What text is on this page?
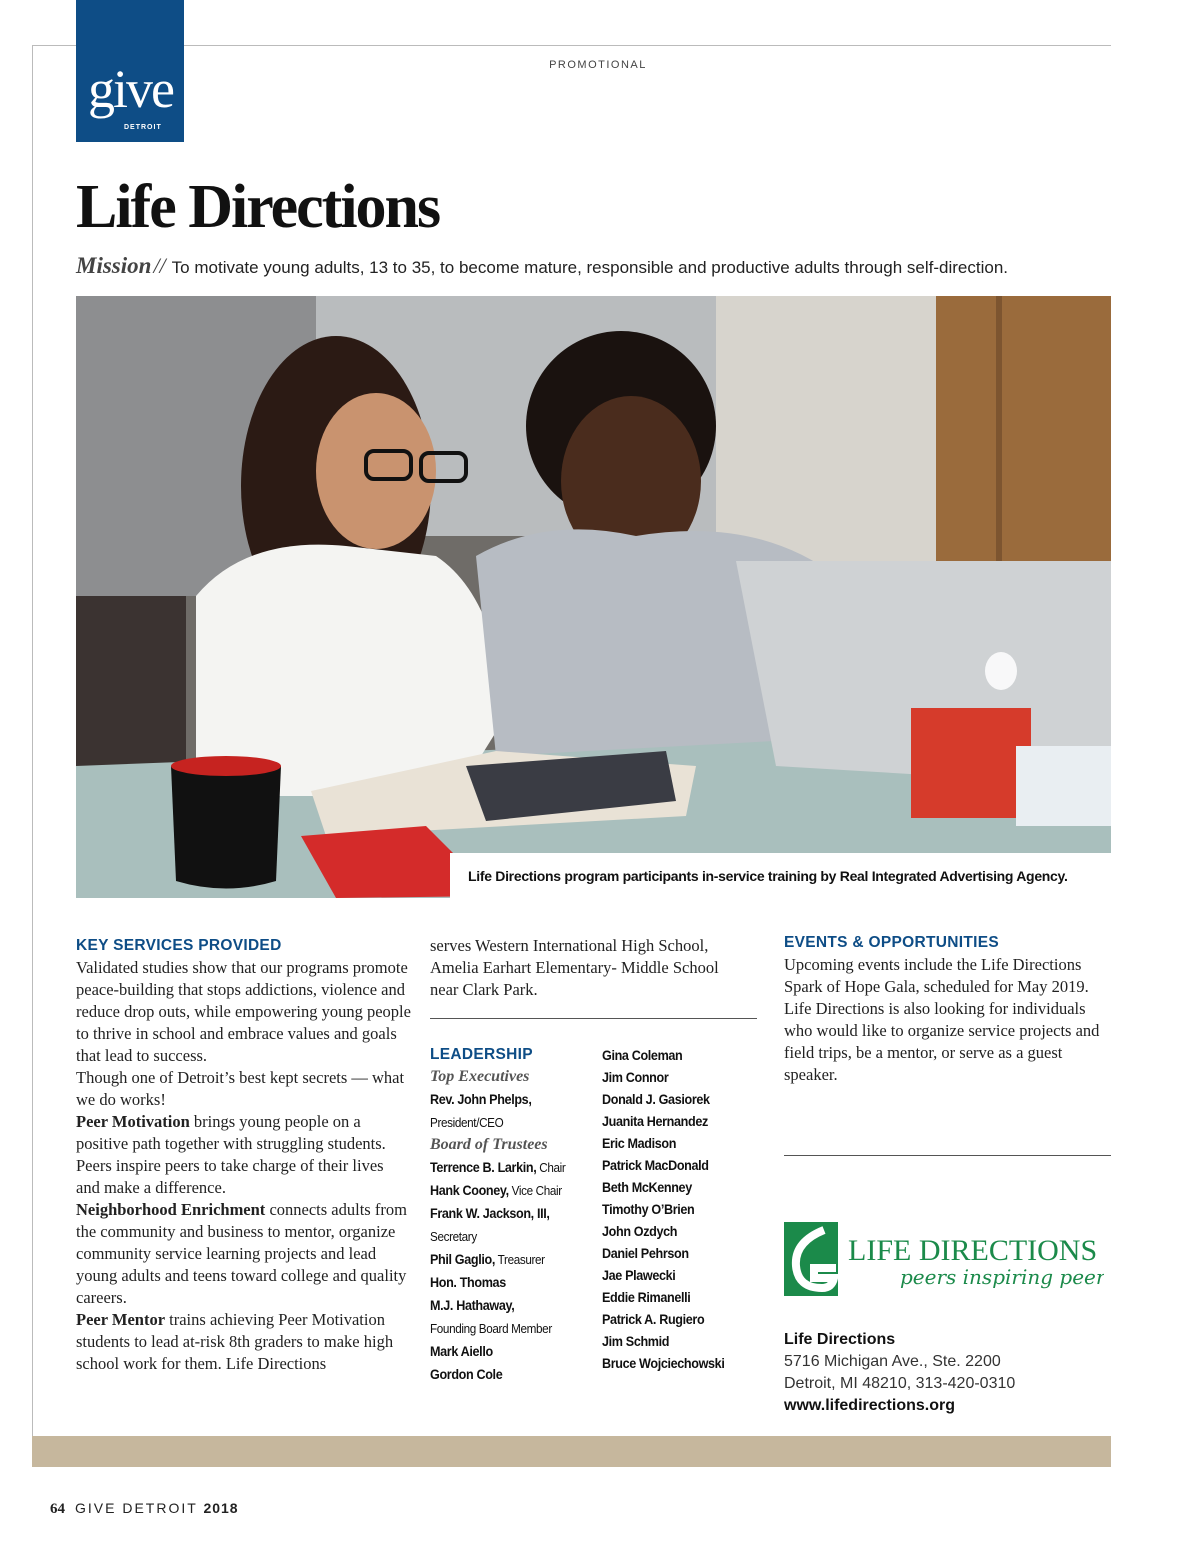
give
DETROIT
PROMOTIONAL
Life Directions
Mission// To motivate young adults, 13 to 35, to become mature, responsible and productive adults through self-direction.
Life Directions program participants in-service training by Real Integrated Advertising Agency.
KEY SERVICES PROVIDED

Validated studies show that our programs promote peace-building that stops addictions, violence and reduce drop outs, while empowering young people to thrive in school and embrace values and goals that lead to success.

Though one of Detroit’s best kept secrets — what we do works!

Peer Motivation brings young people on a positive path together with struggling students.

Peers inspire peers to take charge of their lives and make a difference.

Neighborhood Enrichment connects adults from the community and business to mentor, organize community service learning projects and lead young adults and teens toward college and quality careers.

Peer Mentor trains achieving Peer Motivation students to lead at-risk 8th graders to make high school work for them. Life Directions

serves Western International High School, Amelia Earhart Elementary- Middle School near Clark Park.

LEADERSHIP
Top Executives
Rev. John Phelps,
President/CEO
Board of Trustees
Terrence B. Larkin, Chair
Hank Cooney, Vice Chair
Frank W. Jackson, III,
Secretary
Phil Gaglio, Treasurer
Hon. Thomas
M.J. Hathaway,
Founding Board Member
Mark Aiello
Gordon Cole
Gina Coleman
Jim Connor
Donald J. Gasiorek
Juanita Hernandez
Eric Madison
Patrick MacDonald
Beth McKenney
Timothy O’Brien
John Ozdych
Daniel Pehrson
Jae Plawecki
Eddie Rimanelli
Patrick A. Rugiero
Jim Schmid
Bruce Wojciechowski
EVENTS & OPPORTUNITIES

Upcoming events include the Life Directions Spark of Hope Gala, scheduled for May 2019. Life Directions is also looking for individuals who would like to organize service projects and field trips, be a mentor, or serve as a guest speaker.

LIFE DIRECTIONS
peers inspiring peers
Life Directions
5716 Michigan Ave., Ste. 2200
Detroit, MI 48210, 313-420-0310
www.lifedirections.org
64 GIVE DETROIT 2018
